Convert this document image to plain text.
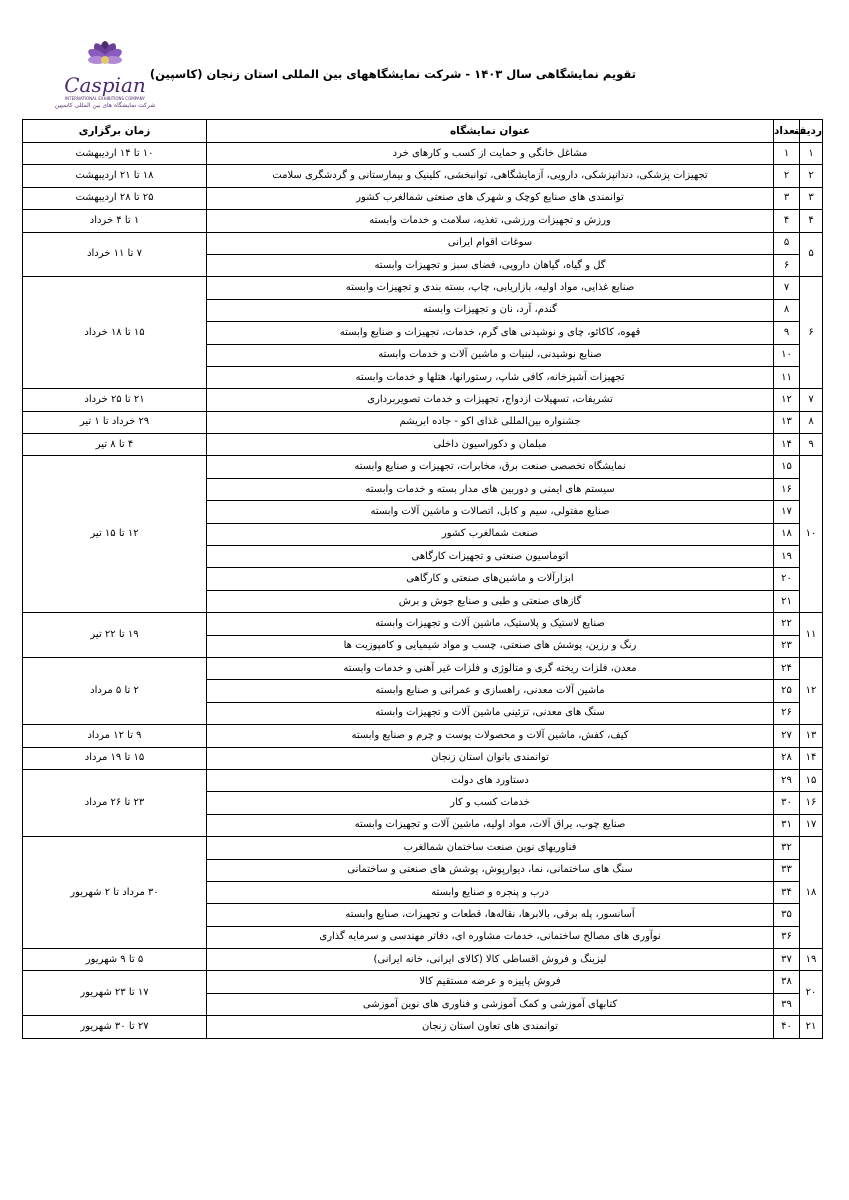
Caspian
INTERNATIONAL EXHIBITIONS COMPANY
شرکت نمایشگاه های بین المللی کاسپین
تقویم نمایشگاهی سال ۱۴۰۳ - شرکت نمایشگاههای بین المللی استان زنجان (کاسپین)
ردیف	تعداد	عنوان نمایشگاه	زمان برگزاری
۱	۱	مشاغل خانگی و حمایت از کسب و کارهای خرد	۱۰ تا ۱۴ اردیبهشت
۲	۲	تجهیزات پزشکی، دندانپزشکی، دارویی، آزمایشگاهی، توانبخشی، کلینیک و بیمارستانی و گردشگری سلامت	۱۸ تا ۲۱ اردیبهشت
۳	۳	توانمندی های صنایع کوچک و شهرک های صنعتی شمالغرب کشور	۲۵ تا ۲۸ اردیبهشت
۴	۴	ورزش و تجهیزات ورزشی، تغذیه، سلامت و خدمات وابسته	۱ تا ۴ خرداد
۵	۵	سوغات اقوام ایرانی	۷ تا ۱۱ خرداد
	۶	گل و گیاه، گیاهان دارویی، فضای سبز و تجهیزات وابسته	
۶	۷	صنایع غذایی، مواد اولیه، بازاریابی، چاپ، بسته بندی و تجهیزات وابسته	۱۵ تا ۱۸ خرداد
	۸	گندم، آرد، نان و تجهیزات وابسته	
	۹	قهوه، کاکائو، چای و نوشیدنی های گرم، خدمات، تجهیزات و صنایع وابسته	
	۱۰	صنایع نوشیدنی، لبنیات و ماشین آلات و خدمات وابسته	
	۱۱	تجهیزات آشپزخانه، کافی شاپ، رستورانها، هتلها و خدمات وابسته	
۷	۱۲	تشریفات، تسهیلات ازدواج، تجهیزات و خدمات تصویربرداری	۲۱ تا ۲۵ خرداد
۸	۱۳	جشنواره بین‌المللی غذای اکو - جاده ابریشم	۲۹ خرداد تا ۱ تیر
۹	۱۴	مبلمان و دکوراسیون داخلی	۴ تا ۸ تیر
۱۰	۱۵	نمایشگاه تخصصی صنعت برق، مخابرات، تجهیزات و صنایع وابسته	۱۲ تا ۱۵ تیر
	۱۶	سیستم های ایمنی و دوربین های مدار بسته و خدمات وابسته	
	۱۷	صنایع مفتولی، سیم و کابل، اتصالات و ماشین آلات وابسته	
	۱۸	صنعت شمالغرب کشور	
	۱۹	اتوماسیون صنعتی و تجهیزات کارگاهی	
	۲۰	ابزارآلات و ماشین‌های صنعتی و کارگاهی	
	۲۱	گازهای صنعتی و طبی و صنایع جوش و برش	
۱۱	۲۲	صنایع لاستیک و پلاستیک، ماشین آلات و تجهیزات وابسته	۱۹ تا ۲۲ تیر
	۲۳	رنگ و رزین، پوشش های صنعتی، چسب و مواد شیمیایی و کامپوزیت ها	
۱۲	۲۴	معدن، فلزات ریخته گری و متالوژی و فلزات غیر آهنی و خدمات وابسته	۲ تا ۵ مرداد
	۲۵	ماشین آلات معدنی، راهسازی و عمرانی و صنایع وابسته	
	۲۶	سنگ های معدنی، تزئینی ماشین آلات و تجهیزات وابسته	
۱۳	۲۷	کیف، کفش، ماشین آلات و محصولات پوست و چرم و صنایع وابسته	۹ تا ۱۲ مرداد
۱۴	۲۸	توانمندی بانوان استان زنجان	۱۵ تا ۱۹ مرداد
۱۵	۲۹	دستاورد های دولت	۲۳ تا ۲۶ مرداد
۱۶	۳۰	خدمات کسب و کار	
۱۷	۳۱	صنایع چوب، یراق آلات، مواد اولیه، ماشین آلات و تجهیزات وابسته	
۱۸	۳۲	فناوریهای نوین صنعت ساختمان شمالغرب	۳۰ مرداد تا ۲ شهریور
	۳۳	سنگ های ساختمانی، نما، دیوارپوش، پوشش های صنعتی و ساختمانی	
	۳۴	درب و پنجره و صنایع وابسته	
	۳۵	آسانسور، پله برقی، بالابرها، نقاله‌ها، قطعات و تجهیزات، صنایع وابسته	
	۳۶	نوآوری های مصالح ساختمانی، خدمات مشاوره ای، دفاتر مهندسی و سرمایه گذاری	
۱۹	۳۷	لیزینگ و فروش اقساطی کالا (کالای ایرانی، خانه ایرانی)	۵ تا ۹ شهریور
۲۰	۳۸	فروش پاییزه و عرضه مستقیم کالا	۱۷ تا ۲۳ شهریور
	۳۹	کتابهای آموزشی و کمک آموزشی و فناوری های نوین آموزشی	
۲۱	۴۰	توانمندی های تعاون استان زنجان	۲۷ تا ۳۰ شهریور
